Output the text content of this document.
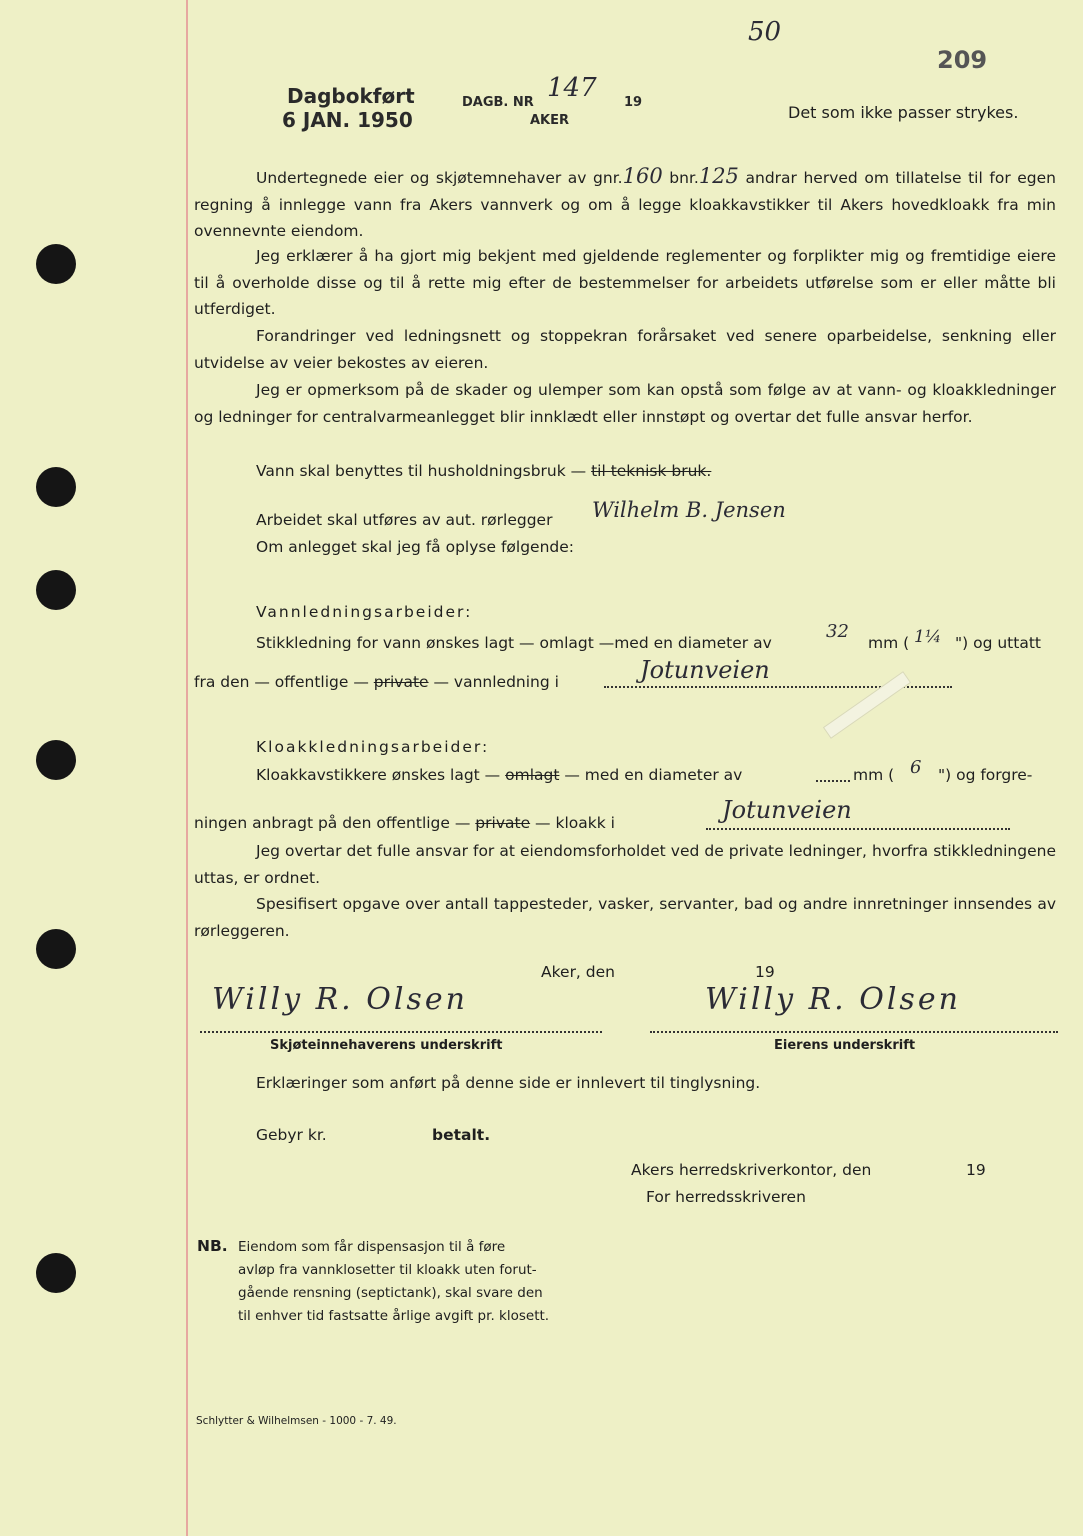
Dagbokført
6 JAN. 1950
DAGB. NR 147 19
50
AKER
209
Det som ikke passer strykes.
Undertegnede eier og skjøtemnehaver av gnr.160 bnr.125 andrar herved om tillatelse til for egen regning å innlegge vann fra Akers vannverk og om å legge kloakkavstikker til Akers hovedkloakk fra min ovennevnte eiendom.
Jeg erklærer å ha gjort mig bekjent med gjeldende reglementer og forplikter mig og fremtidige eiere til å overholde disse og til å rette mig efter de bestemmelser for arbeidets utførelse som er eller måtte bli utferdiget.
Forandringer ved ledningsnett og stoppekran forårsaket ved senere oparbeidelse, senkning eller utvidelse av veier bekostes av eieren.
Jeg er opmerksom på de skader og ulemper som kan opstå som følge av at vann- og kloakkledninger og ledninger for centralvarmeanlegget blir innklædt eller innstøpt og overtar det fulle ansvar herfor.
Vann skal benyttes til husholdningsbruk — til teknisk bruk.
Arbeidet skal utføres av aut. rørlegger Wilhelm B. Jensen
Om anlegget skal jeg få oplyse følgende:
Vannledningsarbeider:
Stikkledning for vann ønskes lagt — omlagt —med en diameter av
32
mm ( 1¼ ") og uttatt
fra den — offentlige — private — vannledning i	Jotunveien
Kloakkledningsarbeider:
Kloakkavstikkere ønskes lagt — omlagt — med en diameter av	mm ( 6 ") og forgre-
ningen anbragt på den offentlige — private — kloakk i	Jotunveien
Jeg overtar det fulle ansvar for at eiendomsforholdet ved de private ledninger, hvorfra stikkledningene uttas, er ordnet.
Spesifisert opgave over antall tappesteder, vasker, servanter, bad og andre innretninger innsendes av rørleggeren.
Aker, den	19
Willy R. Olsen
Skjøteinnehaverens underskrift
Willy R. Olsen
Eierens underskrift
Erklæringer som anført på denne side er innlevert til tinglysning.
Gebyr kr.	betalt.
Akers herredskriverkontor, den	19
For herredsskriveren
NB. Eiendom som får dispensasjon til å føre
avløp fra vannklosetter til kloakk uten forut-
gående rensning (septictank), skal svare den
til enhver tid fastsatte årlige avgift pr. klosett.
Schlytter & Wilhelmsen - 1000 - 7. 49.
